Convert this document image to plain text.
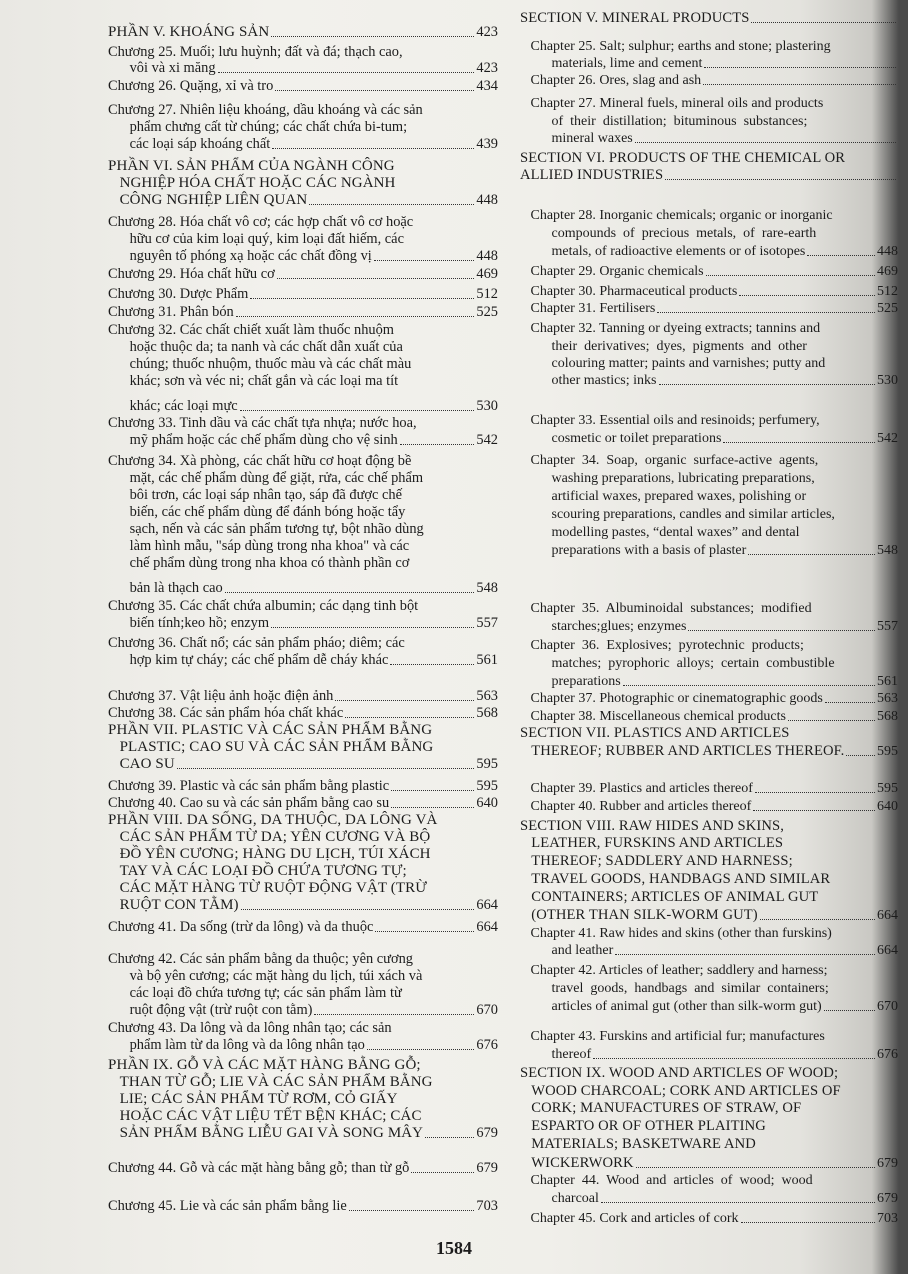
PHẦN V. KHOÁNG SẢN	423
Chương 25. Muối; lưu huỳnh; đất và đá; thạch cao,
vôi và xi măng	423
Chương 26. Quặng, xỉ và tro	434
Chương 27. Nhiên liệu khoáng, dầu khoáng và các sản
phẩm chưng cất từ chúng; các chất chứa bi-tum;
các loại sáp khoáng chất	439
PHẦN VI. SẢN PHẨM CỦA NGÀNH CÔNG
NGHIỆP HÓA CHẤT HOẶC CÁC NGÀNH
CÔNG NGHIỆP LIÊN QUAN	448
Chương 28. Hóa chất vô cơ; các hợp chất vô cơ hoặc
hữu cơ của kim loại quý, kim loại đất hiếm, các
nguyên tố phóng xạ hoặc các chất đồng vị	448
Chương 29. Hóa chất hữu cơ	469
Chương 30. Dược Phẩm	512
Chương 31. Phân bón	525
Chương 32. Các chất chiết xuất làm thuốc nhuộm
hoặc thuộc da; ta nanh và các chất dẫn xuất của
chúng; thuốc nhuộm, thuốc màu và các chất màu
khác; sơn và véc ni; chất gắn và các loại ma tít
khác; các loại mực	530
Chương 33. Tinh dầu và các chất tựa nhựa; nước hoa,
mỹ phẩm hoặc các chế phẩm dùng cho vệ sinh	542
Chương 34. Xà phòng, các chất hữu cơ hoạt động bề
mặt, các chế phẩm dùng để giặt, rửa, các chế phẩm
bôi trơn, các loại sáp nhân tạo, sáp đã được chế
biến, các chế phẩm dùng để đánh bóng hoặc tẩy
sạch, nến và các sản phẩm tương tự, bột nhão dùng
làm hình mẫu, "sáp dùng trong nha khoa" và các
chế phẩm dùng trong nha khoa có thành phần cơ
bản là thạch cao	548
Chương 35. Các chất chứa albumin; các dạng tinh bột
biến tính;keo hồ; enzym	557
Chương 36. Chất nổ; các sản phẩm pháo; diêm; các
hợp kim tự cháy; các chế phẩm dễ cháy khác	561
Chương 37. Vật liệu ảnh hoặc điện ảnh	563
Chương 38. Các sản phẩm hóa chất khác	568
PHẦN VII. PLASTIC VÀ CÁC SẢN PHẨM BẰNG
PLASTIC; CAO SU VÀ CÁC SẢN PHẨM BẰNG
CAO SU	595
Chương 39. Plastic và các sản phẩm bằng plastic	595
Chương 40. Cao su và các sản phẩm bằng cao su	640
PHẦN VIII. DA SỐNG, DA THUỘC, DA LÔNG VÀ
CÁC SẢN PHẨM TỪ DA; YÊN CƯƠNG VÀ BỘ
ĐỒ YÊN CƯƠNG; HÀNG DU LỊCH, TÚI XÁCH
TAY VÀ CÁC LOẠI ĐỒ CHỨA TƯƠNG TỰ;
CÁC MẶT HÀNG TỪ RUỘT ĐỘNG VẬT (TRỪ
RUỘT CON TẰM)	664
Chương 41. Da sống (trừ da lông) và da thuộc	664
Chương 42. Các sản phẩm bằng da thuộc; yên cương
và bộ yên cương; các mặt hàng du lịch, túi xách và
các loại đồ chứa tương tự; các sản phẩm làm từ
ruột động vật (trừ ruột con tằm)	670
Chương 43. Da lông và da lông nhân tạo; các sản
phẩm làm từ da lông và da lông nhân tạo	676
PHẦN IX. GỖ VÀ CÁC MẶT HÀNG BẰNG GỖ;
THAN TỪ GỖ; LIE VÀ CÁC SẢN PHẨM BẰNG
LIE; CÁC SẢN PHẨM TỪ RƠM, CỎ GIẤY
HOẶC CÁC VẬT LIỆU TẾT BỆN KHÁC; CÁC
SẢN PHẨM BẰNG LIỄU GAI VÀ SONG MÂY	679
Chương 44. Gỗ và các mặt hàng bằng gỗ; than từ gỗ	679
Chương 45. Lie và các sản phẩm bằng lie	703
SECTION V. MINERAL PRODUCTS
Chapter 25. Salt; sulphur; earths and stone; plastering
materials, lime and cement
Chapter 26. Ores, slag and ash
Chapter 27. Mineral fuels, mineral oils and products
of  their  distillation;  bituminous  substances;
mineral waxes
SECTION VI. PRODUCTS OF THE CHEMICAL OR
ALLIED INDUSTRIES
Chapter 28. Inorganic chemicals; organic or inorganic
compounds  of  precious  metals,  of  rare-earth
metals, of radioactive elements or of isotopes	448
Chapter 29. Organic chemicals	469
Chapter 30. Pharmaceutical products	512
Chapter 31. Fertilisers	525
Chapter 32. Tanning or dyeing extracts; tannins and
their  derivatives;  dyes,  pigments  and  other
colouring matter; paints and varnishes; putty and
other mastics; inks	530
Chapter 33. Essential oils and resinoids; perfumery,
cosmetic or toilet preparations	542
Chapter  34.  Soap,  organic  surface-active  agents,
washing preparations, lubricating preparations,
artificial waxes, prepared waxes, polishing or
scouring preparations, candles and similar articles,
modelling pastes, “dental waxes” and dental
preparations with a basis of plaster	548
Chapter  35.  Albuminoidal  substances;  modified
starches;glues; enzymes	557
Chapter  36.  Explosives;  pyrotechnic  products;
matches;  pyrophoric  alloys;  certain  combustible
preparations	561
Chapter 37. Photographic or cinematographic goods	563
Chapter 38. Miscellaneous chemical products	568
SECTION VII. PLASTICS AND ARTICLES
THEREOF; RUBBER AND ARTICLES THEREOF. 595
Chapter 39. Plastics and articles thereof	595
Chapter 40. Rubber and articles thereof	640
SECTION VIII. RAW HIDES AND SKINS,
LEATHER, FURSKINS AND ARTICLES
THEREOF; SADDLERY AND HARNESS;
TRAVEL GOODS, HANDBAGS AND SIMILAR
CONTAINERS; ARTICLES OF ANIMAL GUT
(OTHER THAN SILK-WORM GUT)	664
Chapter 41. Raw hides and skins (other than furskins)
and leather	664
Chapter 42. Articles of leather; saddlery and harness;
travel  goods,  handbags  and  similar  containers;
articles of animal gut (other than silk-worm gut)	670
Chapter 43. Furskins and artificial fur; manufactures
thereof	676
SECTION IX. WOOD AND ARTICLES OF WOOD;
WOOD CHARCOAL; CORK AND ARTICLES OF
CORK; MANUFACTURES OF STRAW, OF
ESPARTO OR OF OTHER PLAITING
MATERIALS; BASKETWARE AND
WICKERWORK	679
Chapter  44.  Wood  and  articles  of  wood;  wood
charcoal	679
Chapter 45. Cork and articles of cork	703
1584
